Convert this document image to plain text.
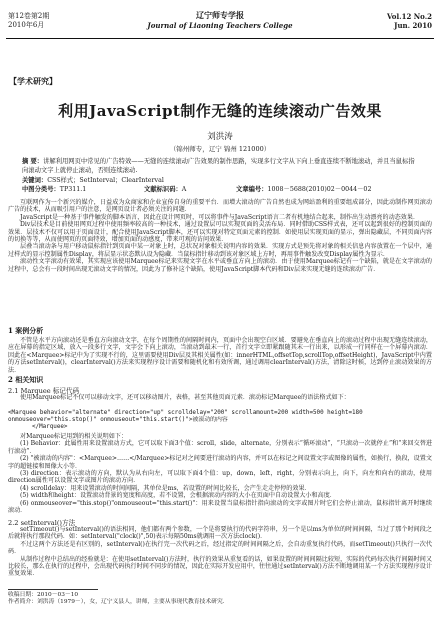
第12卷第2期
2010年6月
辽宁师专学报
Journal of Liaoning Teachers College
Vol.12 No.2
Jun. 2010
【学术研究】
利用JavaScript制作无缝的连续滚动广告效果
刘洪涛
（锦州师专，辽宁 锦州 121000）
摘 要：讲解利用网页中常见的广告特效——无缝的连续滚动广告效果的制作思路，实现多行文字从下向上垂直连续不断地滚动，并且当鼠标指向滚动文字上就停止滚动，否则连续滚动.
关键词：CSS样式；SetInterval；ClearInterval
中图分类号：TP311.1	文献标识码：A	文章编号：1008－5688(2010)02－0044－02

互联网作为一个新兴的媒介，日益成为众商家和企业宣传自身的重要平台．而增大滚动的广告自然也成为网站盈利的重要组成部分，因此动制作网页滚动广告的技术，从而吸引用户的注意，是网页设计者必须关注的问题．

JavaScript是一种基于事件触发的脚本语言，因此在设计网页时，可以将事件与JavaScript语言二者有机地结合起来，制作出生动漂亮的动态效果．

Div层技术是目前使用网页过程中使用频率较高的一种技术，通过设置层可以实现页面的灵活布局．同时借助CSS样式表，还可以起到很好的控制页面的效果．层技术不仅可以用于页面设计，配合使用JavaScript脚本，还可以实现对特定页面元素的控制．如使用层实现页面的显示，弹出隐藏层，不同页面内容的切换等等，从而使网页的页面特效，增加页面的动感度，带来可观的访问效果．

层叠当滚动条与用户移动鼠标指针到页面中某一对象上时，总状况对象相关说明内容的效果．实现方式是预先将对象的相关信息内容放置在一个层中，通过样式的显示控制属性Display，将层显示状态默认设为隐藏．当鼠标指针移动到该对象区域上方时，再用事件触发改变Display属性为显示．

滚动性文字滚动有效果，其实现应该使用Marquee标记来实现文字在水平或垂直方向上的滚动．由于使用Marquee标记有一个缺陷，就是在文字滚动的过程中，总会有一段时间出现无滚动文字的情况，因此为了修补这个缺陷，使用JavaScript脚本代码和Div层来实现无缝的连续滚动广告．

1 案例分析

不管是水平方向滚动还是垂直方向滚动文字，在每个周期性的间隔时间内，页面中会出现空白区域．要避免在垂直向上的滚动过程中出现无缝连续滚动，应在屏幕的指定区域，放入一段多行文字，文字会下向上滚动，当滚动到最末一行，首行文字立即紧跟随其末一行出来，以形成一行同样在一个屏幕内滚动．因此在<Marquee>标记中为了实现不行的，这里需要使用Div层及其相关属性(如：innerHTML,offsetTop,scrollTop,offsetHeight)，JavaScript中内置的方法setInterval()，clearInterval()方法来实现程序设计需要和随机化和有效所调，通过调用clearInterval()方法，清除这时候，达到停止滚动效果的方法．

2 相关知识
2.1 Marquee 标记代码

使用Marquee标记不仅可以移动文字，还可以移动图片，表格，甚至其他页面元素．滚动标记Marquee的语法格式如下：

<Marquee behavior="alternate" direction="up" scrolldelay="200" scrollamount=200 width=500 height=180 onmouseover="this.stop()" onmouseout="this.start()">被滚动的内容
</Marquee>

对Marquee标记用到的相关说明如下：

(1) Behavior：此属性用来设置滚动方式，它可以取下面3个值：scroll，slide，alternate，分别表示“循环滚动”，“只滚动一次就停止”和“来回交替进行滚动”．

(2) "被滚动的内容"：<Marquee>……</Marquee>标记对之间要进行滚动的内容，并可以在标记之间设置文字或图像的属性，如换行，换段，设置文字的超链接和图像大小等．

(3) direction：表示滚动的方向，默认为从右向左，可以取下面4个值：up，down，left，right，分别表示向上，向下，向左和向右的滚动，使用direction属性可以设置文字或图片的滚动方向．

(4) scrolldelay：用来设置滚动的时间间隔，其单位是ms，若设置的时间比较长，会产生走走停停的效果．

(5) width和height：设置滚动背景的宽度和高度，若不设置，会根据滚动内容的大小在页面中自动设置大小和高度．

(6) onmouseover="this.stop()"onmouseout="this.start()"：用来设置当鼠标指针指向滚动的文字或图片时它们会停止滚动，鼠标指针离开时继续滚动．

2.2 setInterval()方法

setTimeout()与setInterval()的语法相同，他们都有两个参数，一个是将要执行的代码字符串，另一个是以ms为单位的时间间隔，当过了那个时间段之后就将执行那段代码．如：setInterval("clock()",50)表示每隔50ms就调用一次方法clock()．

不过这两个方法还是有区别的，setInterval()在执行完一次代码之后，经过指定的时间间隔之后，会自动重复执行代码，而setTimeout()只执行一次代码．

从制作过程中总结出的经验就是：在使用setInterval()方法时，执行的效果从重复看的话，如果设置的时间间隔比较短，实际的代码每次执行间隔时间又比较长，那么在执行的过程中，会出现代码执行时间不同步的情况，因此在实际开发应用中，往往通过setInterval()方法不断地调用某一个方法实现程序设计重复效果．

收稿日期：2010－03－10
作者简介：刘洪涛（1979－），女，辽宁义县人，讲师，主要从事现代教育技术研究．
